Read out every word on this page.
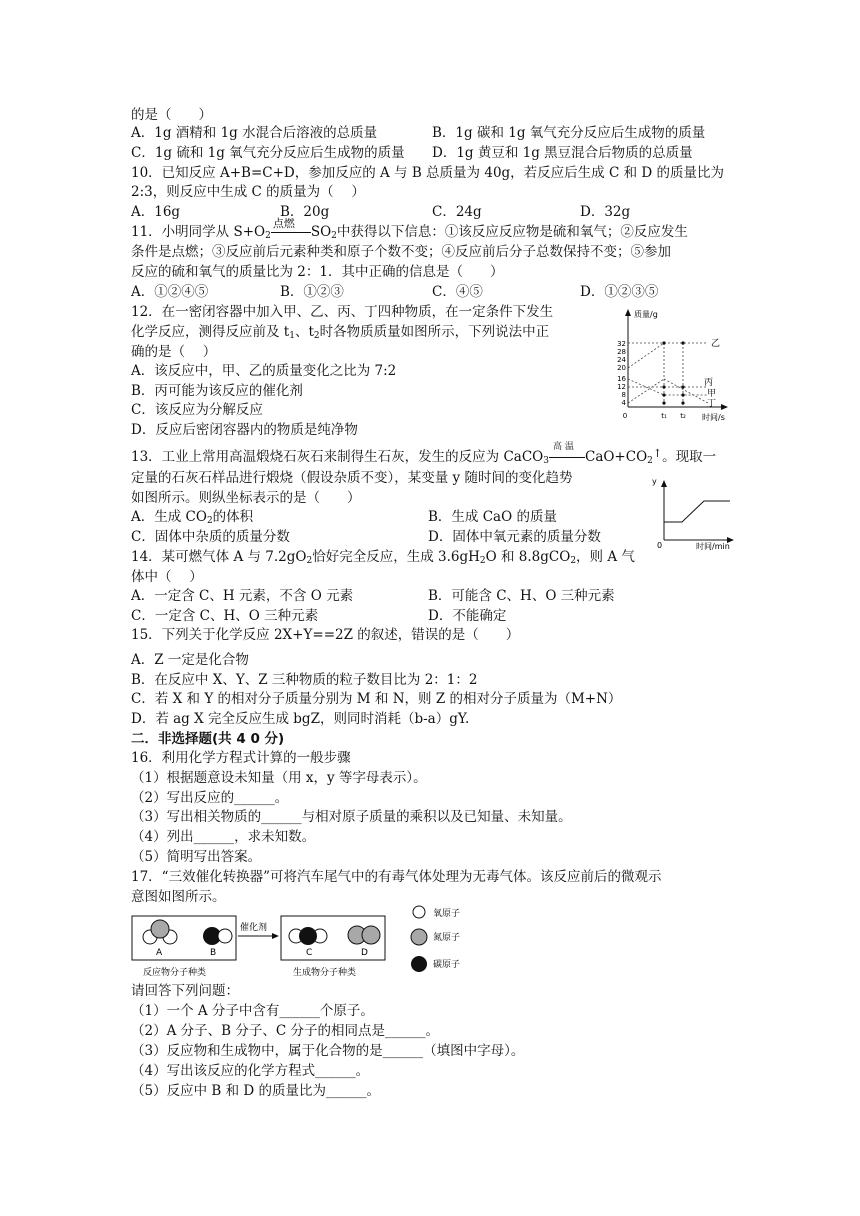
的是（　　）
A．1g 酒精和 1g 水混合后溶液的总质量	B．1g 碳和 1g 氧气充分反应后生成物的质量
C．1g 硫和 1g 氧气充分反应后生成物的质量 D．1g 黄豆和 1g 黑豆混合后物质的总质量
10．已知反应 A+B=C+D，参加反应的 A 与 B 总质量为 40g，若反应后生成 C 和 D 的质量比为
2:3，则反应中生成 C 的质量为（　 ）
A．16g	B．20g	C．24g	D．32g
11．小明同学从 $S+O_2$
点燃
$SO_2$中获得以下信息：①该反应反应物是硫和氧气；②反应发生
条件是点燃；③反应前后元素种类和原子个数不变；④反应前后分子总数保持不变；⑤参加
反应的硫和氧气的质量比为 2：1．其中正确的信息是（　　）
A．①②④⑤	B．①②③	C．④⑤	D．①②③⑤
12．在一密闭容器中加入甲、乙、丙、丁四种物质，在一定条件下发生
化学反应，测得反应前及 $t_1$、$t_2$时各物质质量如图所示，下列说法中正
确的是（　 ）
A．该反应中，甲、乙的质量变化之比为 7:2
B．丙可能为该反应的催化剂
C．该反应为分解反应
D．反应后密闭容器内的物质是纯净物
质量/g
时间/s
32
28
24
20
16
12
8
4
0	t₁ t₂
乙
丙
甲
丁
13．工业上常用高温煅烧石灰石来制得生石灰，发生的反应为 CaCO$_3$
高 温
$CaO+CO_2^↑$。现取一
定量的石灰石样品进行煅烧（假设杂质不变），某变量 y 随时间的变化趋势
如图所示。则纵坐标表示的是（　　）
A．生成 $CO_2$的体积	B．生成 CaO 的质量
C．固体中杂质的质量分数	D．固体中氧元素的质量分数
y
0	时间/min
14．某可燃气体 A 与 $7.2gO_2$恰好完全反应，生成 $3.6gH_2O$ 和 8.8gCO$_2$，则 A 气
体中（　 ）
A．一定含 C、H 元素，不含 O 元素	B．可能含 C、H、O 三种元素
C．一定含 C、H、O 三种元素	D．不能确定
15．下列关于化学反应 2X+Y==2Z 的叙述，错误的是（　　）
A．Z 一定是化合物
B．在反应中 X、Y、Z 三种物质的粒子数目比为 2：1：2
C．若 X 和 Y 的相对分子质量分别为 M 和 N，则 Z 的相对分子质量为（M+N）
D．若 ag X 完全反应生成 bgZ，则同时消耗（b-a）gY.
二．非选择题(共 4 0 分)
16．利用化学方程式计算的一般步骤
（1）根据题意设未知量（用 x，y 等字母表示）。
（2）写出反应的______。
（3）写出相关物质的______与相对原子质量的乘积以及已知量、未知量。
（4）列出______，求未知数。
（5）简明写出答案。
17．“三效催化转换器”可将汽车尾气中的有毒气体处理为无毒气体。该反应前后的微观示
意图如图所示。
A	B
催化剂
C	D
反应物分子种类	生成物分子种类
氧原子
氮原子
碳原子
请回答下列问题：
（1）一个 A 分子中含有______个原子。
（2）A 分子、B 分子、C 分子的相同点是______。
（3）反应物和生成物中，属于化合物的是______（填图中字母）。
（4）写出该反应的化学方程式______。
（5）反应中 B 和 D 的质量比为______。
